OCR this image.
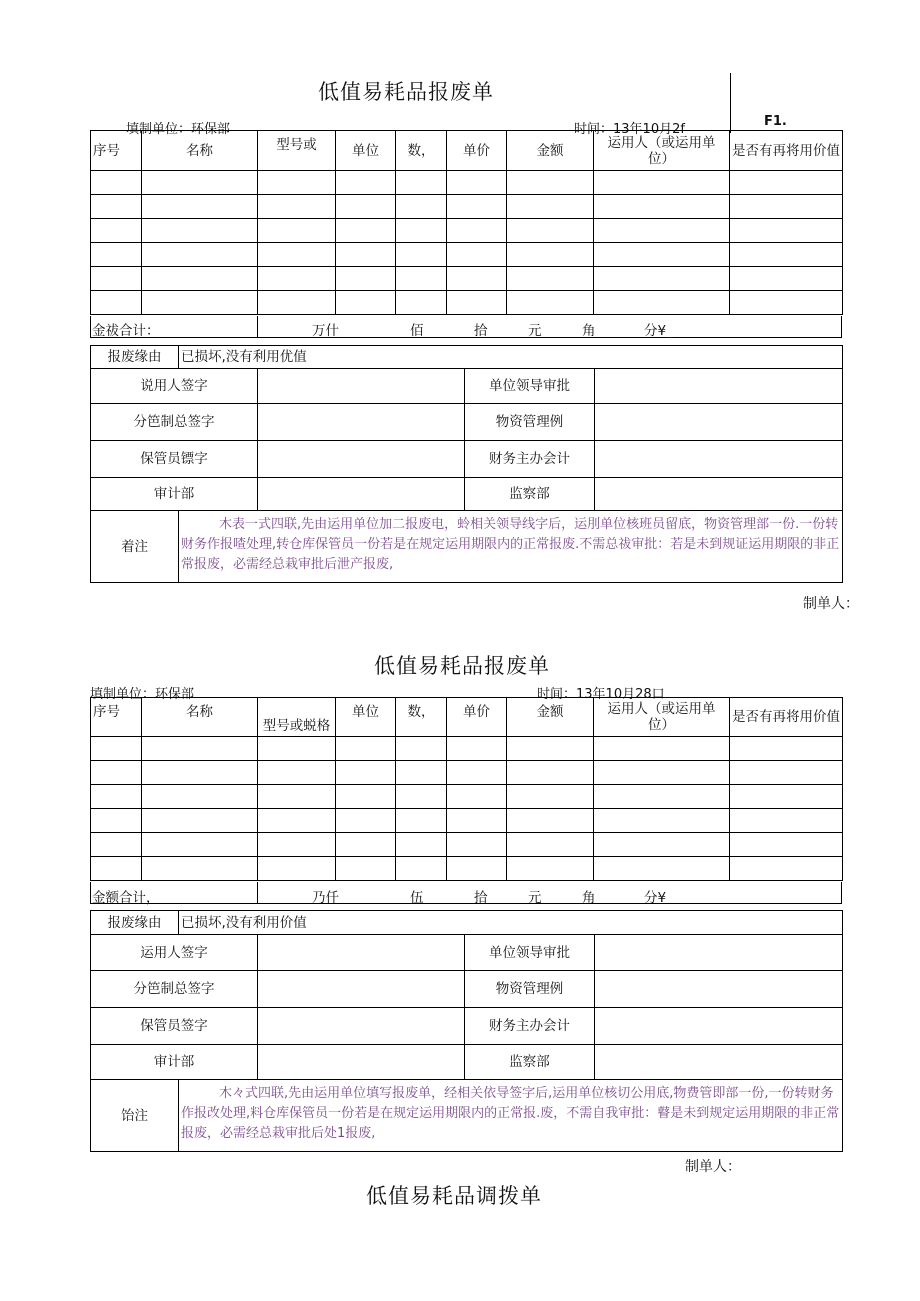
低值易耗品报废单
填制单位：环保部	时间：13年10月2f
F1.
序号	名称	型号或	单位	数，	单价	金额	运用人（或运用单位）	是否有再将用价值

金祓合计：	万什	佰	拾	元	角	分¥_
报废缘由	已损坏,没有利用优值			
说用人签字			单位领导审批	
分笆制总签字			物资管理例	
保管员镖字			财务主办会计	
审计部			监察部	
着注	木表一式四联,先由运用单位加二报废电，蛉相关领导线字后，运刖单位核班员留底，物资管理部一份.一份转财务作报喳处理,转仓库保管员一份若是在规定运用期限内的正常报废.不需总祓审批：若是未到规证运用期限的非正常报废，必需经总栽审批后泄产报废,			
制单人：
低值易耗品报废单
填制单位：环保部	时间：13年10月28口
序号	名称	型号或蜕格	单位	数，	单价	金额	运用人（或运用单位）	是否有再将用价值

金额合计，	乃仟	伍	拾	元	角	分¥
报废缘由	已损坏,没有利用价值			
运用人签字			单位领导审批	
分笆制总签字			物资管理例	
保管员签字			财务主办会计	
审计部			监察部	
饴注	木々式四联,先由运用单位填写报废单，经相关依导签字后,运用单位核切公用底,物费管即部一份,一份转财务作报改处理,料仓库保管员一份若是在规定运用期限内的正常报.废，不需自我审批：瞽是未到规定运用期限的非正常报废，必需经总栽审批后处1报废,			
制单人：
低值易耗品调拨单
